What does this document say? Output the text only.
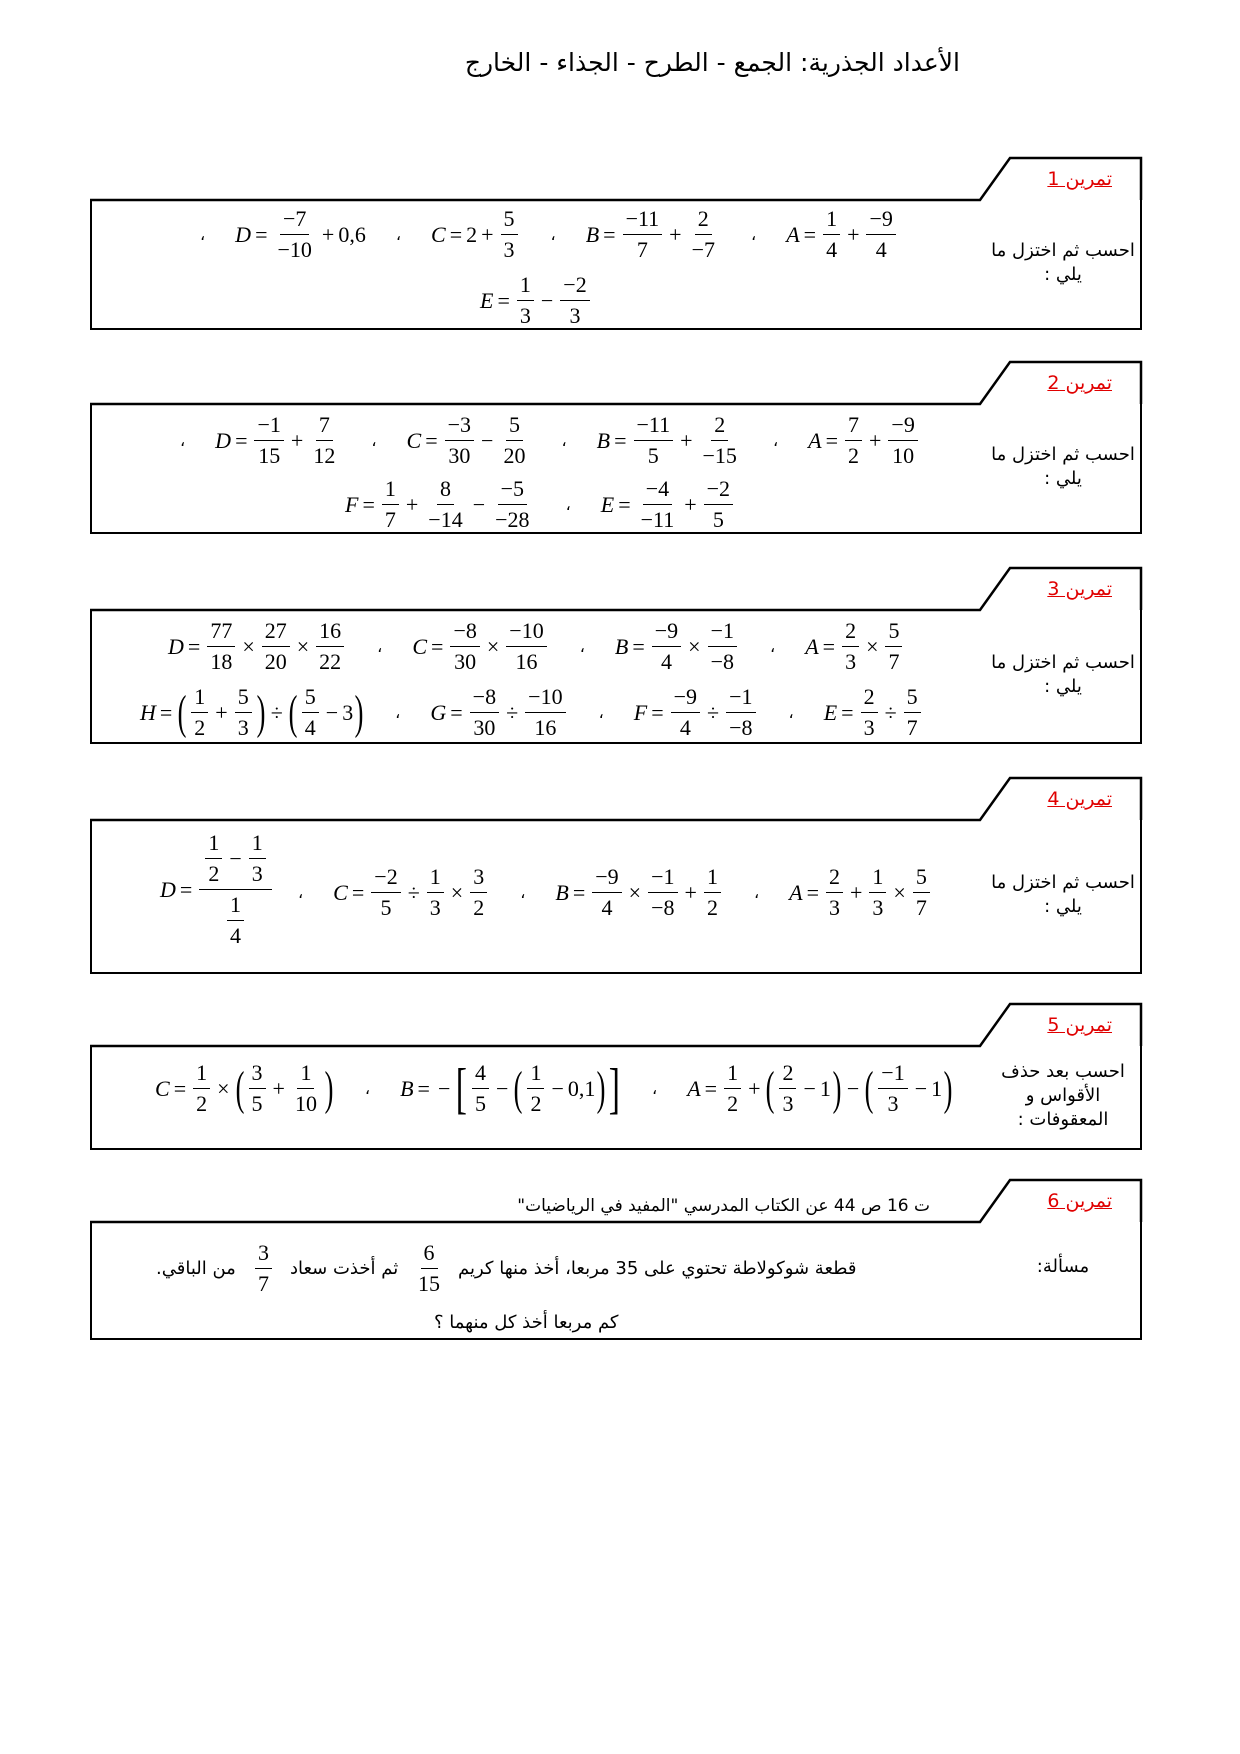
الأعداد الجذرية: الجمع - الطرح - الجذاء - الخارج
تمرين 1
احسب ثم اختزل ما يلي :
تمرين 2
احسب ثم اختزل ما يلي :
تمرين 3
احسب ثم اختزل ما يلي :
تمرين 4
احسب ثم اختزل ما يلي :
تمرين 5
احسب بعد حذف الأقواس و المعقوفات :
تمرين 6
مسألة:
، $D = \frac{-7}{-10} + 0,6$ ، $C = 2 + \frac{5}{3}$ ، $B = \frac{-11}{7} + \frac{2}{-7}$ ، $A = \frac{1}{4} + \frac{-9}{4}$
$E = \frac{1}{3} - \frac{-2}{3}$
، $D = \frac{-1}{15} + \frac{7}{12}$ ، $C = \frac{-3}{30} - \frac{5}{20}$ ، $B = \frac{-11}{5} + \frac{2}{-15}$ ، $A = \frac{7}{2} + \frac{-9}{10}$
$F = \frac{1}{7} + \frac{8}{-14} - \frac{-5}{-28}$ ، $E = \frac{-4}{-11} + \frac{-2}{5}$
$D = \frac{77}{18} \times \frac{27}{20} \times \frac{16}{22}$ ، $C = \frac{-8}{30} \times \frac{-10}{16}$ ، $B = \frac{-9}{4} \times \frac{-1}{-8}$ ، $A = \frac{2}{3} \times \frac{5}{7}$
H = ( $\frac{1}{2} + \frac{5}{3}$ ) ÷ ( $\frac{5}{4} - 3$ ) ، $G = \frac{-8}{30} \div \frac{-10}{16}$ ، $F = \frac{-9}{4} \div \frac{-1}{-8}$ ، $E = \frac{2}{3} \div \frac{5}{7}$
$D = \frac{\frac{1}{2} - \frac{1}{3}}{\frac{1}{4}}$ ، $C = \frac{-2}{5} \div \frac{1}{3} \times \frac{3}{2}$ ، $B = \frac{-9}{4} \times \frac{-1}{-8} + \frac{1}{2}$ ، $A = \frac{2}{3} + \frac{1}{3} \times \frac{5}{7}$
$C = \frac{1}{2}$ × ( $\frac{3}{5} + \frac{1}{10}$ ) ، B = − [ $\frac{4}{5}$ − ( $\frac{1}{2} - 0,1$ ) ] ، $A = \frac{1}{2}$ + ( $\frac{2}{3} - 1$ ) − ( $\frac{-1}{3} - 1$ )
ت 16 ص 44 عن الكتاب المدرسي "المفيد في الرياضيات"
من الباقي. $\frac{3}{7}$ ثم أخذت سعاد $\frac{6}{15}$ قطعة شوكولاطة تحتوي على 35 مربعا، أخذ منها كريم
كم مربعا أخذ كل منهما ؟
